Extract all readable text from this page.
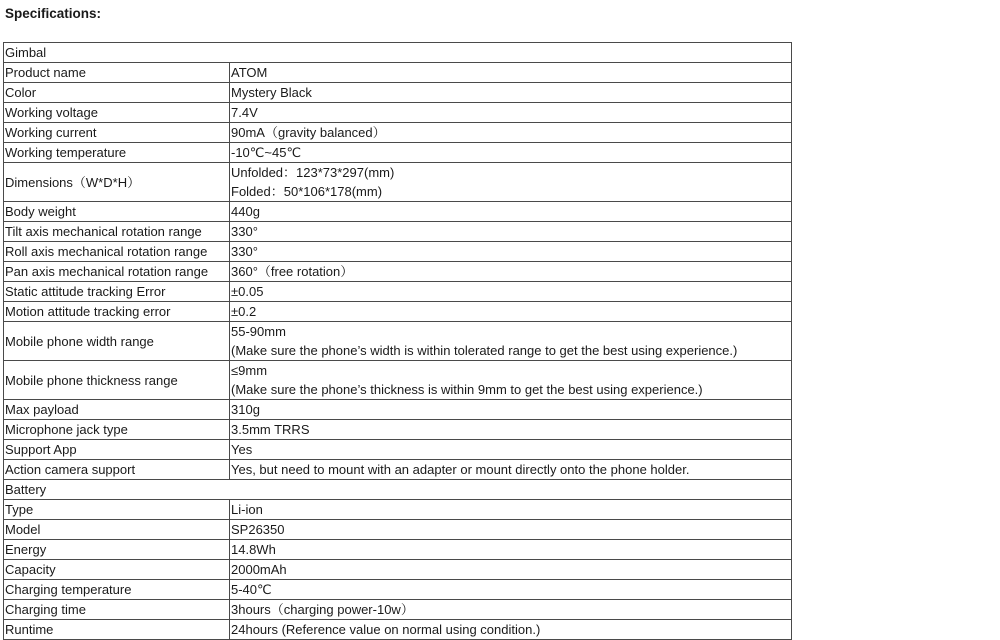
Specifications:
Gimbal	
Product name	ATOM
Color	Mystery Black
Working voltage	7.4V
Working current	90mA（gravity balanced）
Working temperature	-10℃~45℃
Dimensions（W*D*H）	Unfolded：123*73*297(mm)
Folded：50*106*178(mm)

Body weight	440g
Tilt axis mechanical rotation range	330°
Roll axis mechanical rotation range	330°
Pan axis mechanical rotation range	360°（free rotation）
Static attitude tracking Error	±0.05
Motion attitude tracking error	±0.2
Mobile phone width range	55-90mm
(Make sure the phone’s width is within tolerated range to get the best using experience.)

Mobile phone thickness range	≤9mm
(Make sure the phone’s thickness is within 9mm to get the best using experience.)

Max payload	310g
Microphone jack type	3.5mm TRRS
Support App	Yes
Action camera support	Yes, but need to mount with an adapter or mount directly onto the phone holder.
Battery	
Type	Li-ion
Model	SP26350
Energy	14.8Wh
Capacity	2000mAh
Charging temperature	5-40℃
Charging time	3hours（charging power-10w）
Runtime	24hours (Reference value on normal using condition.)
